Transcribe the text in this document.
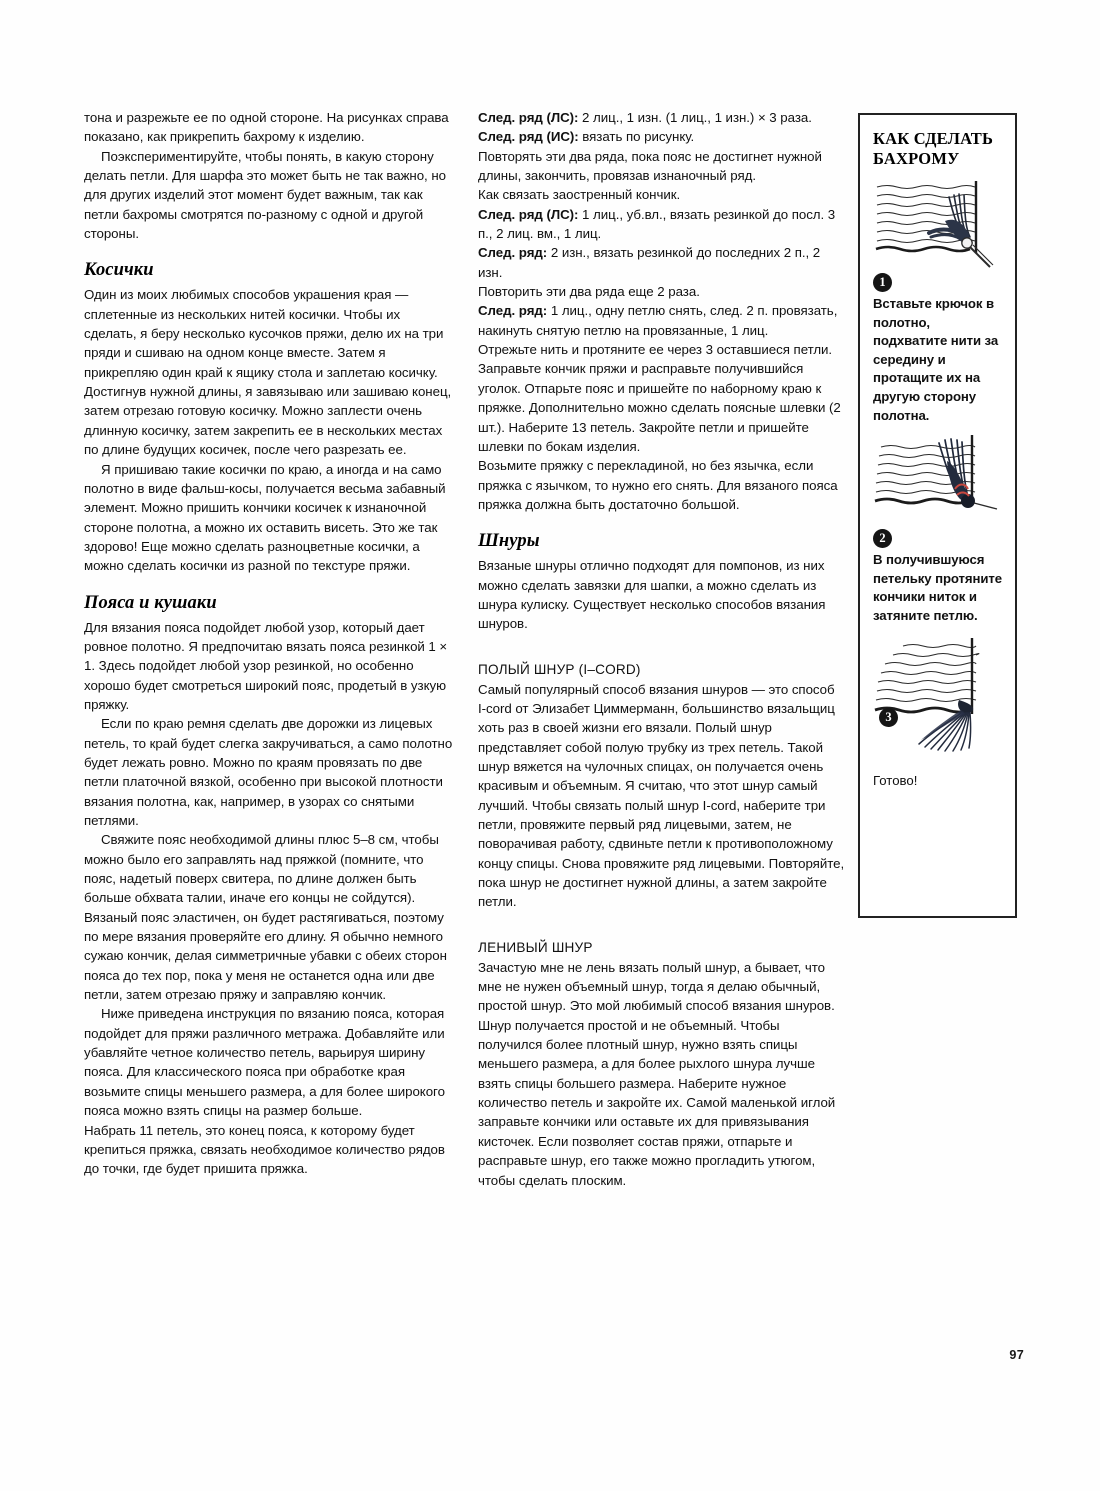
тона и разрежьте ее по одной стороне. На рисунках справа показано, как прикрепить бахрому к изделию.

Поэкспериментируйте, чтобы понять, в какую сторону делать петли. Для шарфа это может быть не так важно, но для других изделий этот момент будет важным, так как петли бахромы смотрятся по-разному с одной и другой стороны.

Косички

Один из моих любимых способов украшения края — сплетенные из нескольких нитей косички. Чтобы их сделать, я беру несколько кусочков пряжи, делю их на три пряди и сшиваю на одном конце вместе. Затем я прикрепляю один край к ящику стола и заплетаю косичку. Достигнув нужной длины, я завязываю или зашиваю конец, затем отрезаю готовую косичку. Можно заплести очень длинную косичку, затем закрепить ее в нескольких местах по длине будущих косичек, после чего разрезать ее.

Я пришиваю такие косички по краю, а иногда и на само полотно в виде фальш-косы, получается весьма забавный элемент. Можно пришить кончики косичек к изнаночной стороне полотна, а можно их оставить висеть. Это же так здорово! Еще можно сделать разноцветные косички, а можно сделать косички из разной по текстуре пряжи.

Пояса и кушаки

Для вязания пояса подойдет любой узор, который дает ровное полотно. Я предпочитаю вязать пояса резинкой 1 × 1. Здесь подойдет любой узор резинкой, но особенно хорошо будет смотреться широкий пояс, продетый в узкую пряжку.

Если по краю ремня сделать две дорожки из лицевых петель, то край будет слегка закручиваться, а само полотно будет лежать ровно. Можно по краям провязать по две петли платочной вязкой, особенно при высокой плотности вязания полотна, как, например, в узорах со снятыми петлями.

Свяжите пояс необходимой длины плюс 5–8 см, чтобы можно было его заправлять над пряжкой (помните, что пояс, надетый поверх свитера, по длине должен быть больше обхвата талии, иначе его концы не сойдутся). Вязаный пояс эластичен, он будет растягиваться, поэтому по мере вязания проверяйте его длину. Я обычно немного сужаю кончик, делая симметричные убавки с обеих сторон пояса до тех пор, пока у меня не останется одна или две петли, затем отрезаю пряжу и заправляю кончик.

Ниже приведена инструкция по вязанию пояса, которая подойдет для пряжи различного метража. Добавляйте или убавляйте четное количество петель, варьируя ширину пояса. Для классического пояса при обработке края возьмите спицы меньшего размера, а для более широкого пояса можно взять спицы на размер больше.

Набрать 11 петель, это конец пояса, к которому будет крепиться пряжка, связать необходимое количество рядов до точки, где будет пришита пряжка.

След. ряд (ЛС): 2 лиц., 1 изн. (1 лиц., 1 изн.) × 3 раза.

След. ряд (ИС): вязать по рисунку.

Повторять эти два ряда, пока пояс не достигнет нужной длины, закончить, провязав изнаночный ряд.

Как связать заостренный кончик.

След. ряд (ЛС): 1 лиц., уб.вл., вязать резинкой до посл. 3 п., 2 лиц. вм., 1 лиц.

След. ряд: 2 изн., вязать резинкой до последних 2 п., 2 изн.

Повторить эти два ряда еще 2 раза.

След. ряд: 1 лиц., одну петлю снять, след. 2 п. провязать, накинуть снятую петлю на провязанные, 1 лиц.

Отрежьте нить и протяните ее через 3 оставшиеся петли. Заправьте кончик пряжи и расправьте получившийся уголок. Отпарьте пояс и пришейте по наборному краю к пряжке. Дополнительно можно сделать поясные шлевки (2 шт.). Наберите 13 петель. Закройте петли и пришейте шлевки по бокам изделия.

Возьмите пряжку с перекладиной, но без язычка, если пряжка с язычком, то нужно его снять. Для вязаного пояса пряжка должна быть достаточно большой.

Шнуры

Вязаные шнуры отлично подходят для помпонов, из них можно сделать завязки для шапки, а можно сделать из шнура кулиску. Существует несколько способов вязания шнуров.

ПОЛЫЙ ШНУР (I–CORD)

Самый популярный способ вязания шнуров — это способ I-cord от Элизабет Циммерманн, большинство вязальщиц хоть раз в своей жизни его вязали. Полый шнур представляет собой полую трубку из трех петель. Такой шнур вяжется на чулочных спицах, он получается очень красивым и объемным. Я считаю, что этот шнур самый лучший. Чтобы связать полый шнур I-cord, наберите три петли, провяжите первый ряд лицевыми, затем, не поворачивая работу, сдвиньте петли к противоположному концу спицы. Снова провяжите ряд лицевыми. Повторяйте, пока шнур не достигнет нужной длины, а затем закройте петли.

ЛЕНИВЫЙ ШНУР

Зачастую мне не лень вязать полый шнур, а бывает, что мне не нужен объемный шнур, тогда я делаю обычный, простой шнур. Это мой любимый способ вязания шнуров. Шнур получается простой и не объемный. Чтобы получился более плотный шнур, нужно взять спицы меньшего размера, а для более рыхлого шнура лучше взять спицы большего размера. Наберите нужное количество петель и закройте их. Самой маленькой иглой заправьте кончики или оставьте их для привязывания кисточек. Если позволяет состав пряжи, отпарьте и расправьте шнур, его также можно прогладить утюгом, чтобы сделать плоским.

КАК СДЕЛАТЬ БАХРОМУ
1

Вставьте крючок в полотно, подхватите нити за середину и протащите их на другую сторону полотна.

2

В получившуюся петельку протяните кончики ниток и затяните петлю.

3

Готово!

97
